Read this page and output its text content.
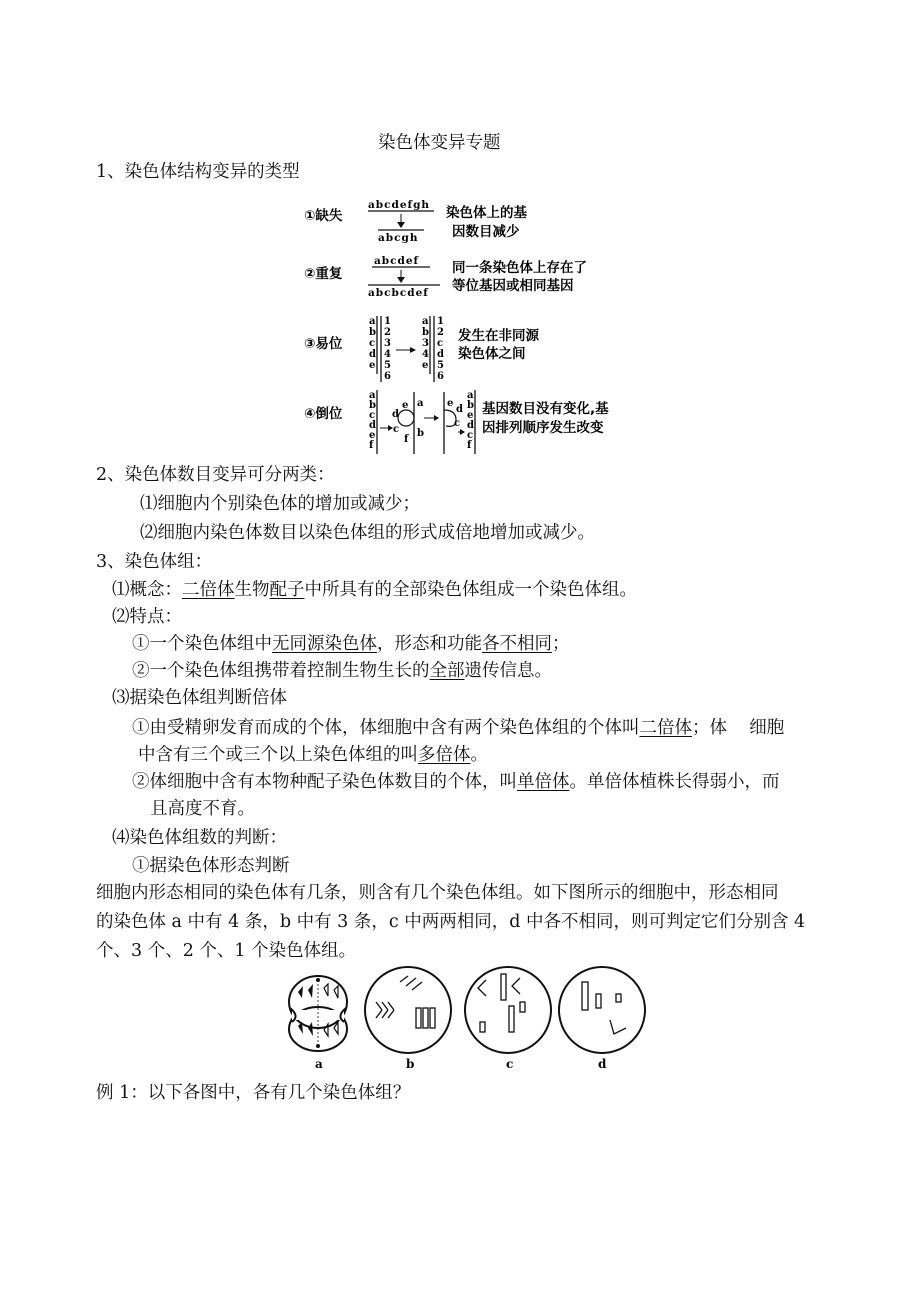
染色体变异专题
1、染色体结构变异的类型
①缺失
abcdefgh
abcgh
染色体上的基
因数目减少
②重复
abcdef
abcbcdef
同一条染色体上存在了
等位基因或相同基因
③易位
a
b
c
d
e
1
2
3
4
5
6
a
b
3
4
e
1
2
c
d
5
6
发生在非同源
染色体之间
④倒位
a
b
c
d
e
f
d
c
e a
b
f
e
d
c
a
b
e
d
c
f
基因数目没有变化,基
因排列顺序发生改变
2、染色体数目变异可分两类：
⑴细胞内个别染色体的增加或减少；
⑵细胞内染色体数目以染色体组的形式成倍地增加或减少。
3、染色体组：
⑴概念：二倍体生物配子中所具有的全部染色体组成一个染色体组。
⑵特点：
①一个染色体组中无同源染色体，形态和功能各不相同；
②一个染色体组携带着控制生物生长的全部遗传信息。
⑶据染色体组判断倍体
①由受精卵发育而成的个体，体细胞中含有两个染色体组的个体叫二倍体；体    细胞
中含有三个或三个以上染色体组的叫多倍体。
②体细胞中含有本物种配子染色体数目的个体，叫单倍体。单倍体植株长得弱小，而
且高度不育。
⑷染色体组数的判断：
①据染色体形态判断
细胞内形态相同的染色体有几条，则含有几个染色体组。如下图所示的细胞中，形态相同
的染色体 a 中有 4 条，b 中有 3 条，c 中两两相同，d 中各不相同，则可判定它们分别含 4
个、3 个、2 个、1 个染色体组。
a	b	c	d
例 1：以下各图中，各有几个染色体组？
